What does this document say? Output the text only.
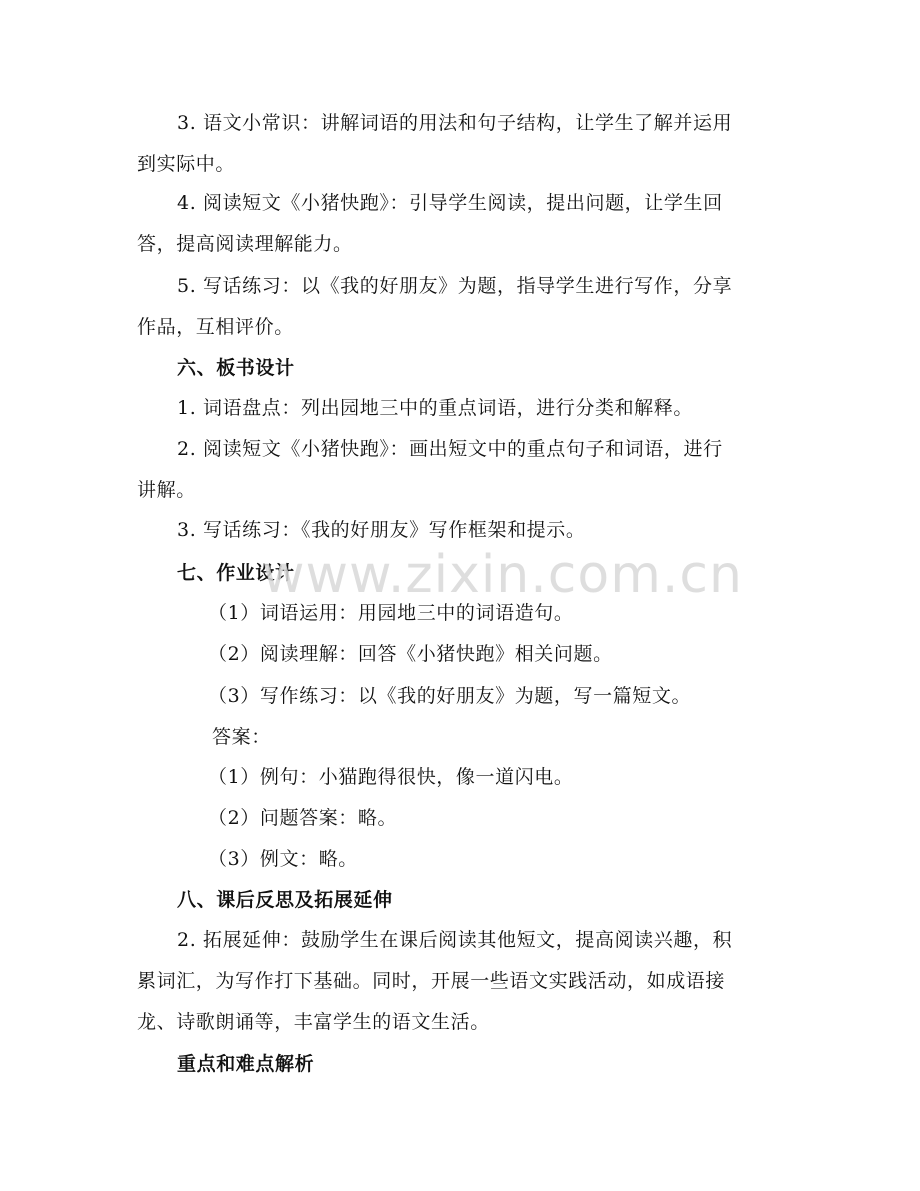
3. 语文小常识：讲解词语的用法和句子结构，让学生了解并运用
到实际中。
4. 阅读短文《小猪快跑》：引导学生阅读，提出问题，让学生回
答，提高阅读理解能力。
5. 写话练习：以《我的好朋友》为题，指导学生进行写作，分享
作品，互相评价。
六、板书设计
1. 词语盘点：列出园地三中的重点词语，进行分类和解释。
2. 阅读短文《小猪快跑》：画出短文中的重点句子和词语，进行
讲解。
3. 写话练习：《我的好朋友》写作框架和提示。
七、作业设计
（1）词语运用：用园地三中的词语造句。
（2）阅读理解：回答《小猪快跑》相关问题。
（3）写作练习：以《我的好朋友》为题，写一篇短文。
答案：
（1）例句：小猫跑得很快，像一道闪电。
（2）问题答案：略。
（3）例文：略。
八、课后反思及拓展延伸
2. 拓展延伸：鼓励学生在课后阅读其他短文，提高阅读兴趣，积
累词汇，为写作打下基础。同时，开展一些语文实践活动，如成语接
龙、诗歌朗诵等，丰富学生的语文生活。
重点和难点解析
www.zixin.com.cn
